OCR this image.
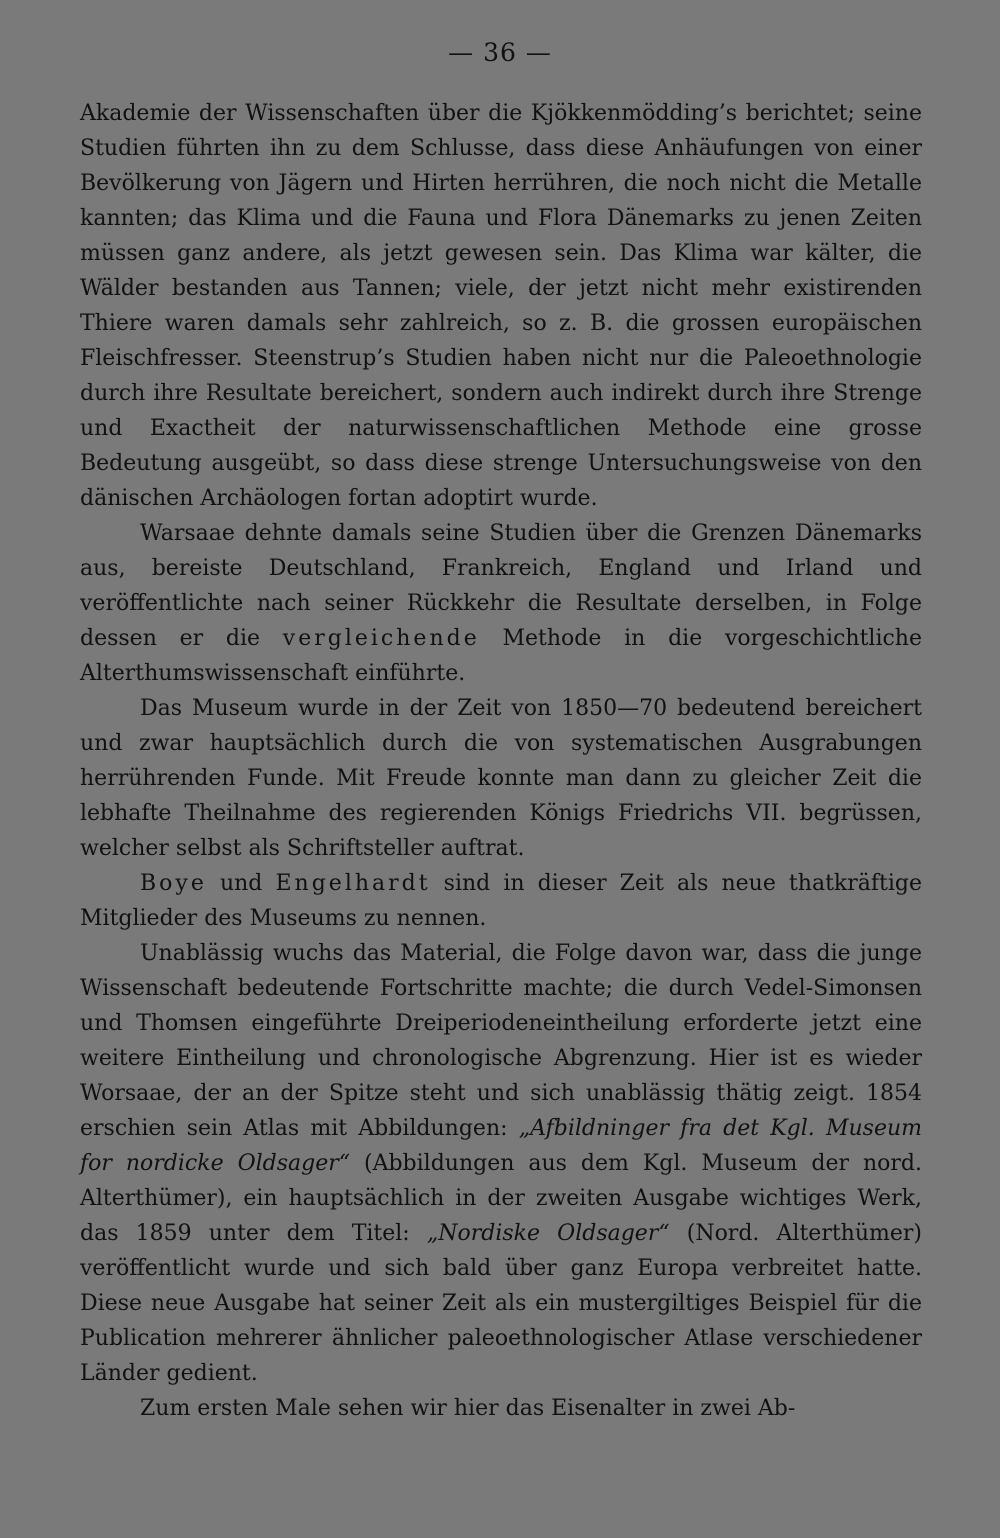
— 36 —

Akademie der Wissenschaften über die Kjökkenmödding’s berichtet; seine Studien führten ihn zu dem Schlusse, dass diese Anhäufungen von einer Bevölkerung von Jägern und Hirten herrühren, die noch nicht die Metalle kannten; das Klima und die Fauna und Flora Dänemarks zu jenen Zeiten müssen ganz andere, als jetzt gewesen sein. Das Klima war kälter, die Wälder bestanden aus Tannen; viele, der jetzt nicht mehr existirenden Thiere waren damals sehr zahlreich, so z. B. die grossen europäischen Fleischfresser. Steenstrup’s Studien haben nicht nur die Paleoethnologie durch ihre Resultate bereichert, sondern auch indirekt durch ihre Strenge und Exactheit der naturwissenschaftlichen Methode eine grosse Bedeutung ausgeübt, so dass diese strenge Untersuchungsweise von den dänischen Archäologen fortan adoptirt wurde.

Warsaae dehnte damals seine Studien über die Grenzen Dänemarks aus, bereiste Deutschland, Frankreich, England und Irland und veröffentlichte nach seiner Rückkehr die Resultate derselben, in Folge dessen er die vergleichende Methode in die vorgeschichtliche Alterthumswissenschaft einführte.

Das Museum wurde in der Zeit von 1850—70 bedeutend bereichert und zwar hauptsächlich durch die von systematischen Ausgrabungen herrührenden Funde. Mit Freude konnte man dann zu gleicher Zeit die lebhafte Theilnahme des regierenden Königs Friedrichs VII. begrüssen, welcher selbst als Schriftsteller auftrat.

Boye und Engelhardt sind in dieser Zeit als neue thatkräftige Mitglieder des Museums zu nennen.

Unablässig wuchs das Material, die Folge davon war, dass die junge Wissenschaft bedeutende Fortschritte machte; die durch Vedel-Simonsen und Thomsen eingeführte Dreiperiodeneintheilung erforderte jetzt eine weitere Eintheilung und chronologische Abgrenzung. Hier ist es wieder Worsaae, der an der Spitze steht und sich unablässig thätig zeigt. 1854 erschien sein Atlas mit Abbildungen: „Afbildninger fra det Kgl. Museum for nordicke Oldsager“ (Abbildungen aus dem Kgl. Museum der nord. Alterthümer), ein hauptsächlich in der zweiten Ausgabe wichtiges Werk, das 1859 unter dem Titel: „Nordiske Oldsager“ (Nord. Alterthümer) veröffentlicht wurde und sich bald über ganz Europa verbreitet hatte. Diese neue Ausgabe hat seiner Zeit als ein mustergiltiges Beispiel für die Publication mehrerer ähnlicher paleoethnologischer Atlase verschiedener Länder gedient.

Zum ersten Male sehen wir hier das Eisenalter in zwei Ab-
